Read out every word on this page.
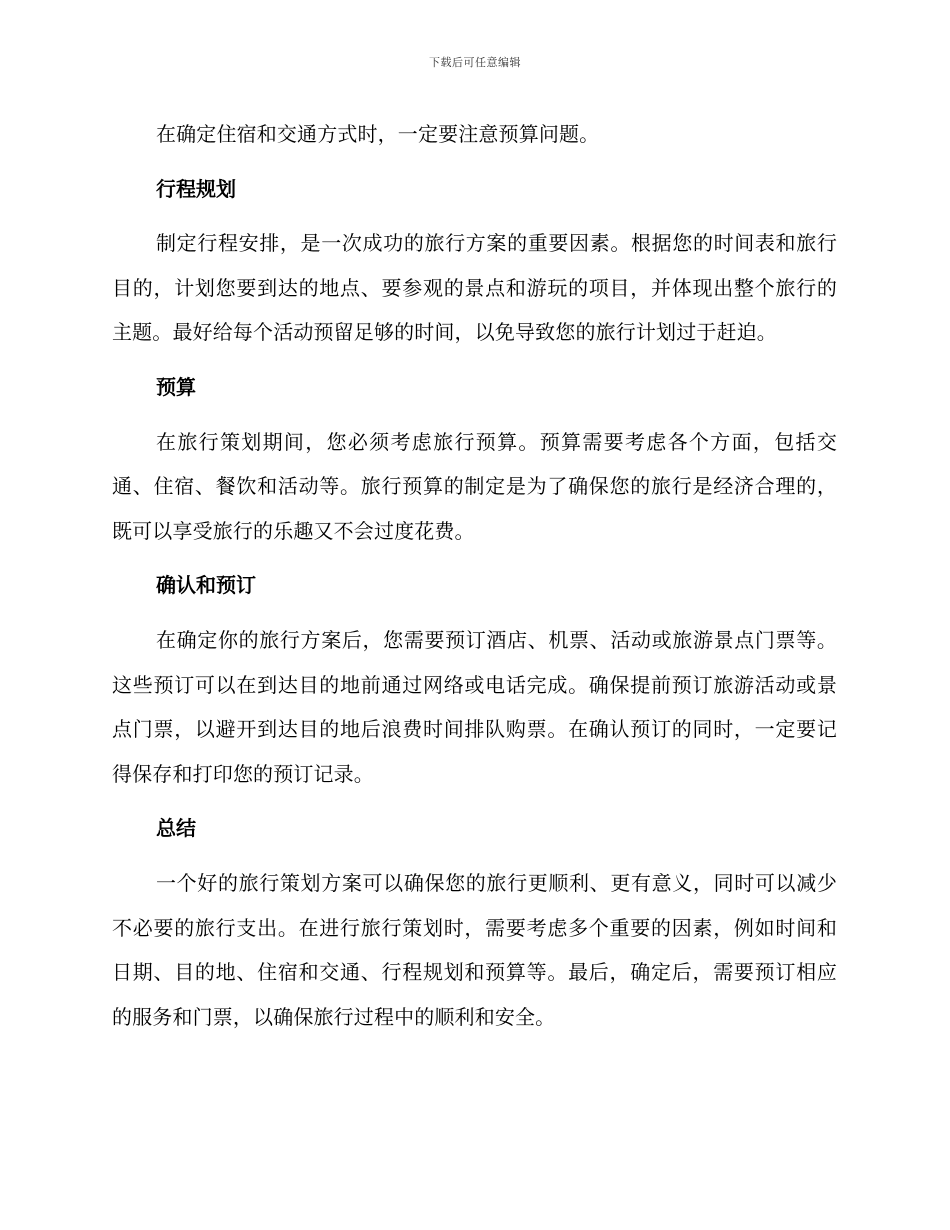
下载后可任意编辑

在确定住宿和交通方式时，一定要注意预算问题。

行程规划

制定行程安排，是一次成功的旅行方案的重要因素。根据您的时间表和旅行目的，计划您要到达的地点、要参观的景点和游玩的项目，并体现出整个旅行的主题。最好给每个活动预留足够的时间，以免导致您的旅行计划过于赶迫。

预算

在旅行策划期间，您必须考虑旅行预算。预算需要考虑各个方面，包括交通、住宿、餐饮和活动等。旅行预算的制定是为了确保您的旅行是经济合理的，既可以享受旅行的乐趣又不会过度花费。

确认和预订

在确定你的旅行方案后，您需要预订酒店、机票、活动或旅游景点门票等。这些预订可以在到达目的地前通过网络或电话完成。确保提前预订旅游活动或景点门票，以避开到达目的地后浪费时间排队购票。在确认预订的同时，一定要记得保存和打印您的预订记录。

总结

一个好的旅行策划方案可以确保您的旅行更顺利、更有意义，同时可以减少不必要的旅行支出。在进行旅行策划时，需要考虑多个重要的因素，例如时间和日期、目的地、住宿和交通、行程规划和预算等。最后，确定后，需要预订相应的服务和门票，以确保旅行过程中的顺利和安全。
